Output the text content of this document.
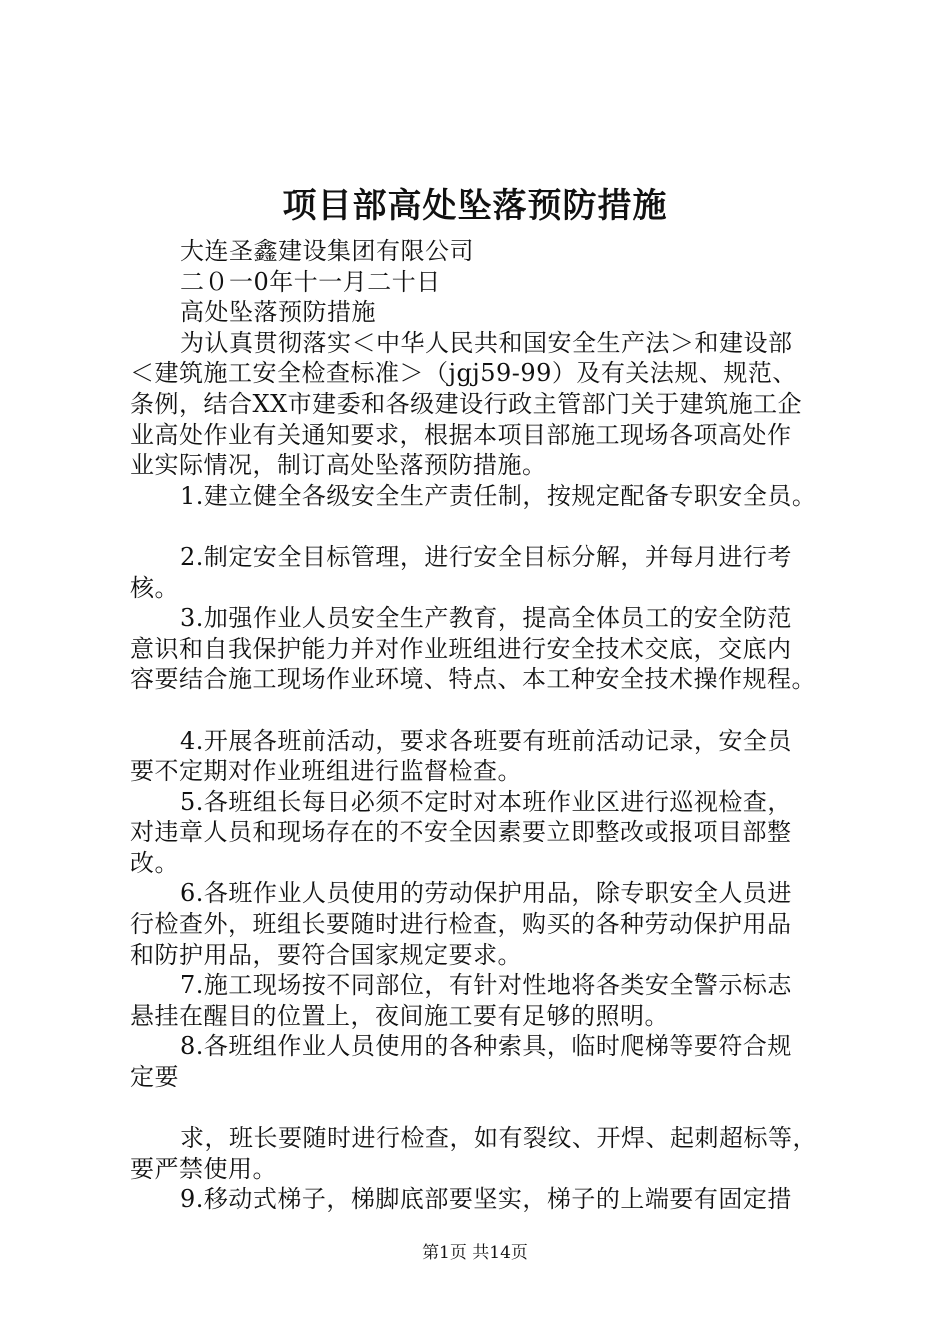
项目部高处坠落预防措施
大连圣鑫建设集团有限公司
二０一0年十一月二十日
高处坠落预防措施
为认真贯彻落实＜中华人民共和国安全生产法＞和建设部
＜建筑施工安全检查标准＞（jgj59-99）及有关法规、规范、
条例，结合XX市建委和各级建设行政主管部门关于建筑施工企
业高处作业有关通知要求，根据本项目部施工现场各项高处作
业实际情况，制订高处坠落预防措施。
1.建立健全各级安全生产责任制，按规定配备专职安全员。
2.制定安全目标管理，进行安全目标分解，并每月进行考
核。
3.加强作业人员安全生产教育，提高全体员工的安全防范
意识和自我保护能力并对作业班组进行安全技术交底，交底内
容要结合施工现场作业环境、特点、本工种安全技术操作规程。
4.开展各班前活动，要求各班要有班前活动记录，安全员
要不定期对作业班组进行监督检查。
5.各班组长每日必须不定时对本班作业区进行巡视检查，
对违章人员和现场存在的不安全因素要立即整改或报项目部整
改。
6.各班作业人员使用的劳动保护用品，除专职安全人员进
行检查外，班组长要随时进行检查，购买的各种劳动保护用品
和防护用品，要符合国家规定要求。
7.施工现场按不同部位，有针对性地将各类安全警示标志
悬挂在醒目的位置上，夜间施工要有足够的照明。
8.各班组作业人员使用的各种索具，临时爬梯等要符合规
定要
求，班长要随时进行检查，如有裂纹、开焊、起刺超标等，
要严禁使用。
9.移动式梯子，梯脚底部要坚实，梯子的上端要有固定措
第1页 共14页
